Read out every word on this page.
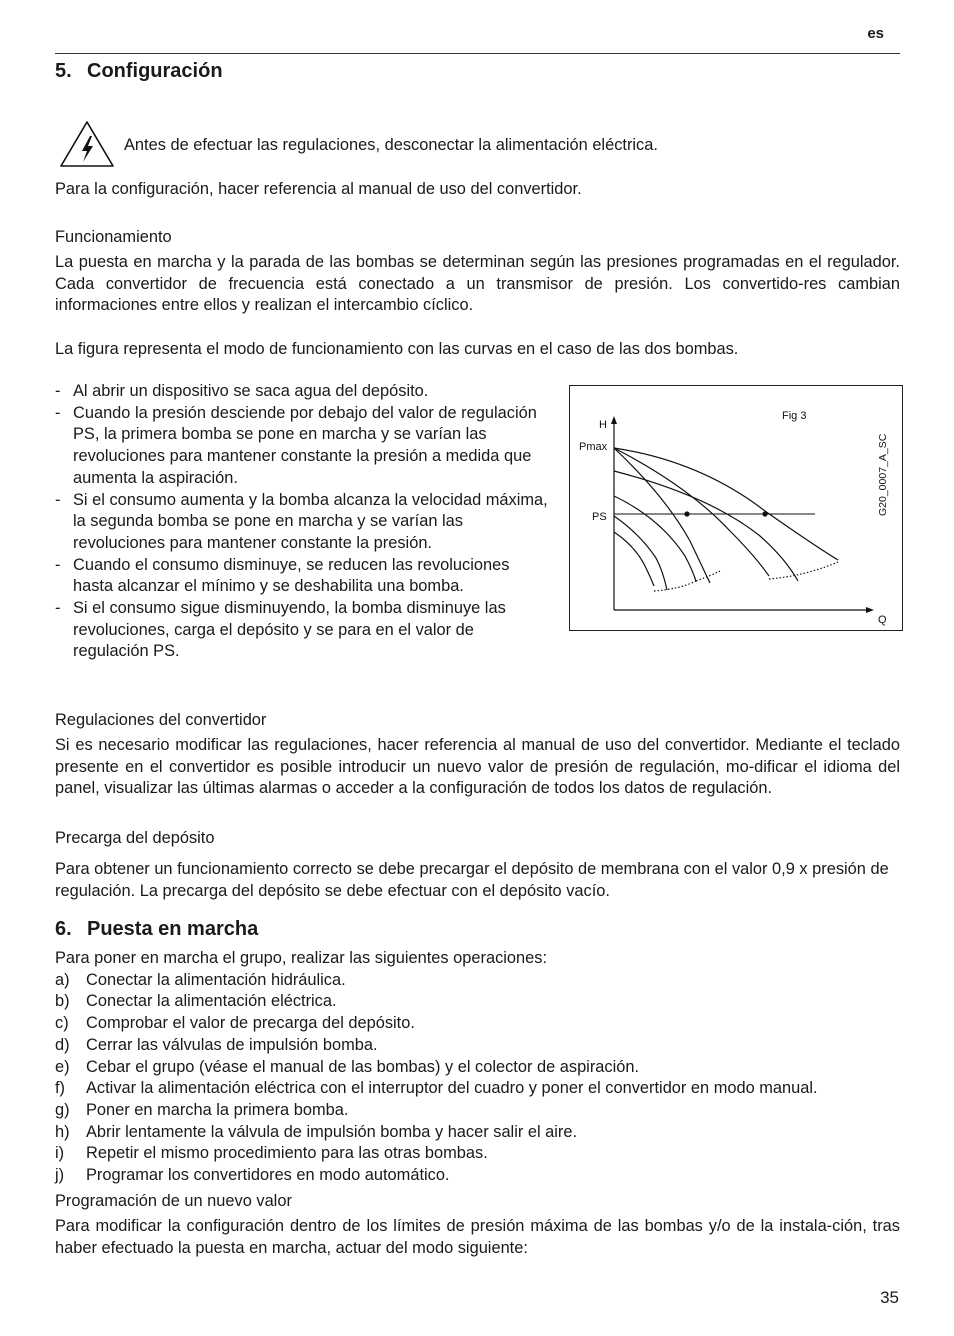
es
5. Configuración
Antes de efectuar las regulaciones, desconectar la alimentación eléctrica.
Para la configuración, hacer referencia al manual de uso del convertidor.
Funcionamiento
La puesta en marcha y la parada de las bombas se determinan según las presiones programadas en el regulador. Cada convertidor de frecuencia está conectado a un transmisor de presión. Los convertido-res cambian informaciones entre ellos y realizan el intercambio cíclico.
La figura representa el modo de funcionamiento con las curvas en el caso de las dos bombas.
- Al abrir un dispositivo se saca agua del depósito.
- Cuando la presión desciende por debajo del valor de regulación PS, la primera bomba se pone en marcha y se varían las revoluciones para mantener constante la presión a medida que aumenta la aspiración.
- Si el consumo aumenta y la bomba alcanza la velocidad máxima, la segunda bomba se pone en marcha y se varían las revoluciones para mantener constante la presión.
- Cuando el consumo disminuye, se reducen las revoluciones hasta alcanzar el mínimo y se deshabilita una bomba.
- Si el consumo sigue disminuyendo, la bomba disminuye las revoluciones, carga el depósito y se para en el valor de regulación PS.
H
Q
Pmax
PS
Fig 3
G20_0007_A_SC
Regulaciones del convertidor
Si es necesario modificar las regulaciones, hacer referencia al manual de uso del convertidor. Mediante el teclado presente en el convertidor es posible introducir un nuevo valor de presión de regulación, mo-dificar el idioma del panel, visualizar las últimas alarmas o acceder a la configuración de todos los datos de regulación.
Precarga del depósito
Para obtener un funcionamiento correcto se debe precargar el depósito de membrana con el valor 0,9 x presión de regulación. La precarga del depósito se debe efectuar con el depósito vacío.
6. Puesta en marcha
Para poner en marcha el grupo, realizar las siguientes operaciones:
a) Conectar la alimentación hidráulica.
b) Conectar la alimentación eléctrica.
c) Comprobar el valor de precarga del depósito.
d) Cerrar las válvulas de impulsión bomba.
e) Cebar el grupo (véase el manual de las bombas) y el colector de aspiración.
f) Activar la alimentación eléctrica con el interruptor del cuadro y poner el convertidor en modo manual.
g) Poner en marcha la primera bomba.
h) Abrir lentamente la válvula de impulsión bomba y hacer salir el aire.
i) Repetir el mismo procedimiento para las otras bombas.
j) Programar los convertidores en modo automático.
Programación de un nuevo valor
Para modificar la configuración dentro de los límites de presión máxima de las bombas y/o de la instala-ción, tras haber efectuado la puesta en marcha, actuar del modo siguiente:
35
